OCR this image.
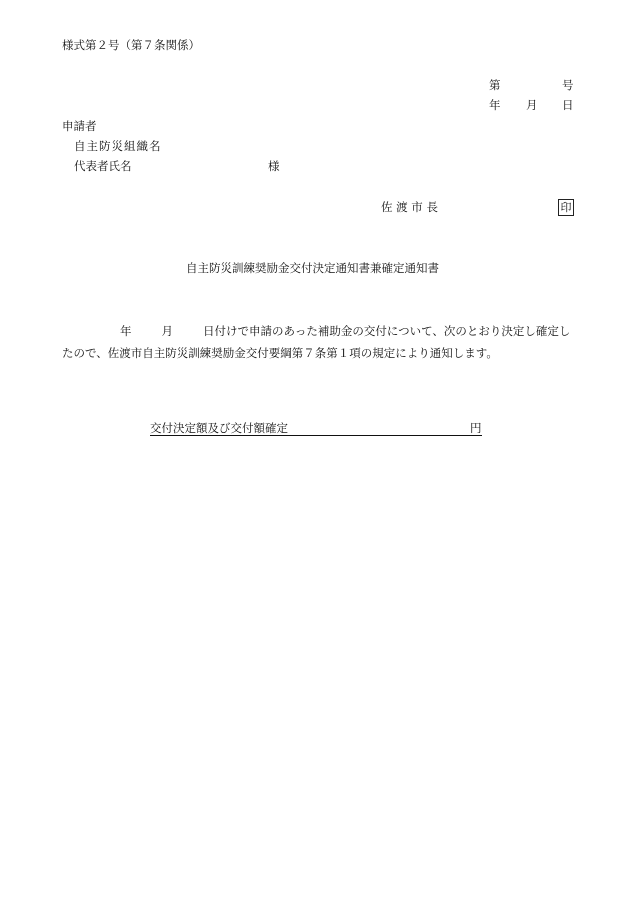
様式第２号（第７条関係）
第	号
年 月 日
申請者
自主防災組織名
代表者氏名	様
佐 渡 市 長	印
自主防災訓練奨励金交付決定通知書兼確定通知書
年	月	日付けで申請のあった補助金の交付について、次のとおり決定し確定し
たので、佐渡市自主防災訓練奨励金交付要綱第７条第１項の規定により通知します。
交付決定額及び交付額確定	円
